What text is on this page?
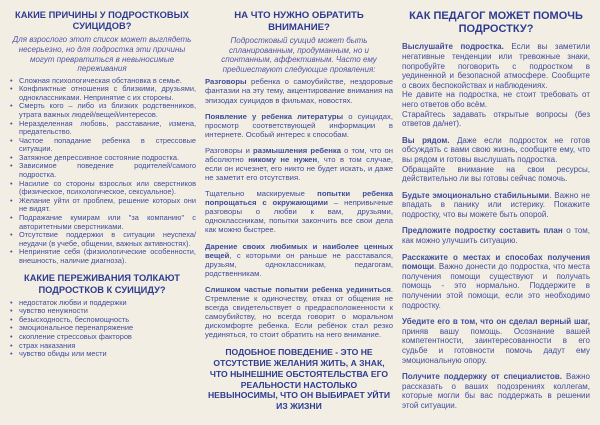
КАКИЕ ПРИЧИНЫ У ПОДРОСТКОВЫХ СУИЦИДОВ?

Для взрослого этот список может выглядеть несерьезно, но для подростка эти причины могут превратиться в невыносимые переживания

• Сложная психологическая обстановка в семье.
• Конфликтные отношения с близкими, друзьями, одноклассниками. Непринятие с их стороны.
• Смерть кого – либо из близких родственников, утрата важных людей/вещей/интересов.
• Неразделенная любовь, расставание, измена, предательство.
• Частое попадание ребенка в стрессовые ситуации.
• Затяжное депрессивное состояние подростка.
• Зависимое поведение родителей/самого подростка.
• Насилие со стороны взрослых или сверстников (физическое, психологическое, сексуальное).
• Желание уйти от проблем, решение которых они не видят.
• Подражание кумирам или "за компанию" с авторитетными сверстниками.
• Отсутствие поддержки в ситуации неуспеха/неудачи (в учебе, общении, важных активностях).
• Непринятие себя (физиологические особенности, внешность, наличие диагноза).
КАКИЕ ПЕРЕЖИВАНИЯ ТОЛКАЮТ ПОДРОСТКОВ К СУИЦИДУ?
• недостаток любви и поддержки
• чувство ненужности
• безысходность, беспомощность
• эмоциональное перенапряжение
• скопление стрессовых факторов
• страх наказания
• чувство обиды или мести
НА ЧТО НУЖНО ОБРАТИТЬ ВНИМАНИЕ?

Подростковый суицид может быть спланированным, продуманным, но и спонтанным, аффективным. Часто ему предшествуют следующие проявления:

Разговоры ребенка о самоубийстве, нездоровые фантазии на эту тему, акцентирование внимания на эпизодах суицидов в фильмах, новостях.

Появление у ребенка литературы о суицидах, просмотр соответствующей информации в интернете. Особый интерес к способам.

Разговоры и размышления ребенка о том, что он абсолютно никому не нужен, что в том случае, если он исчезнет, его никто не будет искать, и даже не заметит его отсутствия.

Тщательно маскируемые попытки ребенка попрощаться с окружающими – непривычные разговоры о любви к вам, друзьями, одноклассникам, попытки закончить все свои дела как можно быстрее.

Дарение своих любимых и наиболее ценных вещей, с которыми он раньше не расставался, друзьям, одноклассникам, педагогам, родственникам.

Слишком частые попытки ребенка уединиться. Стремление к одиночеству, отказ от общения не всегда свидетельствует о предрасположенности к самоубийству, но всегда говорит о моральном дискомфорте ребенка. Если ребёнок стал резко уединяться, то стоит обратить на него внимание.

ПОДОБНОЕ ПОВЕДЕНИЕ - ЭТО НЕ ОТСУТСТВИЕ ЖЕЛАНИЯ ЖИТЬ, А ЗНАК, ЧТО НЫНЕШНИЕ ОБСТОЯТЕЛЬСТВА ЕГО РЕАЛЬНОСТИ НАСТОЛЬКО НЕВЫНОСИМЫ, ЧТО ОН ВЫБИРАЕТ УЙТИ ИЗ ЖИЗНИ

КАК ПЕДАГОГ МОЖЕТ ПОМОЧЬ ПОДРОСТКУ?

Выслушайте подростка. Если вы заметили негативные тенденции или тревожные знаки, попробуйте поговорить с подростком в уединенной и безопасной атмосфере. Сообщите о своих беспокойствах и наблюдениях.

Не давите на подростка, не стоит требовать от него ответов обо всём.

Старайтесь задавать открытые вопросы (без ответов да/нет).

Вы рядом. Даже если подросток не готов обсуждать с вами свою жизнь, сообщите ему, что вы рядом и готовы выслушать подростка.

Обращайте внимание на свои ресурсы, действительно ли вы готовы сейчас помочь.

Будьте эмоционально стабильными. Важно не впадать в панику или истерику. Покажите подростку, что вы можете быть опорой.

Предложите подростку составить план о том, как можно улучшить ситуацию.

Расскажите о местах и способах получения помощи. Важно донести до подростка, что места получения помощи существуют и получать помощь - это нормально. Поддержите в получении этой помощи, если это необходимо подростку.

Убедите его в том, что он сделал верный шаг, приняв вашу помощь. Осознание вашей компетентности, заинтересованности в его судьбе и готовности помочь дадут ему эмоциональную опору.

Получите поддержку от специалистов. Важно рассказать о ваших подозрениях коллегам, которые могли бы вас поддержать в решении этой ситуации.
